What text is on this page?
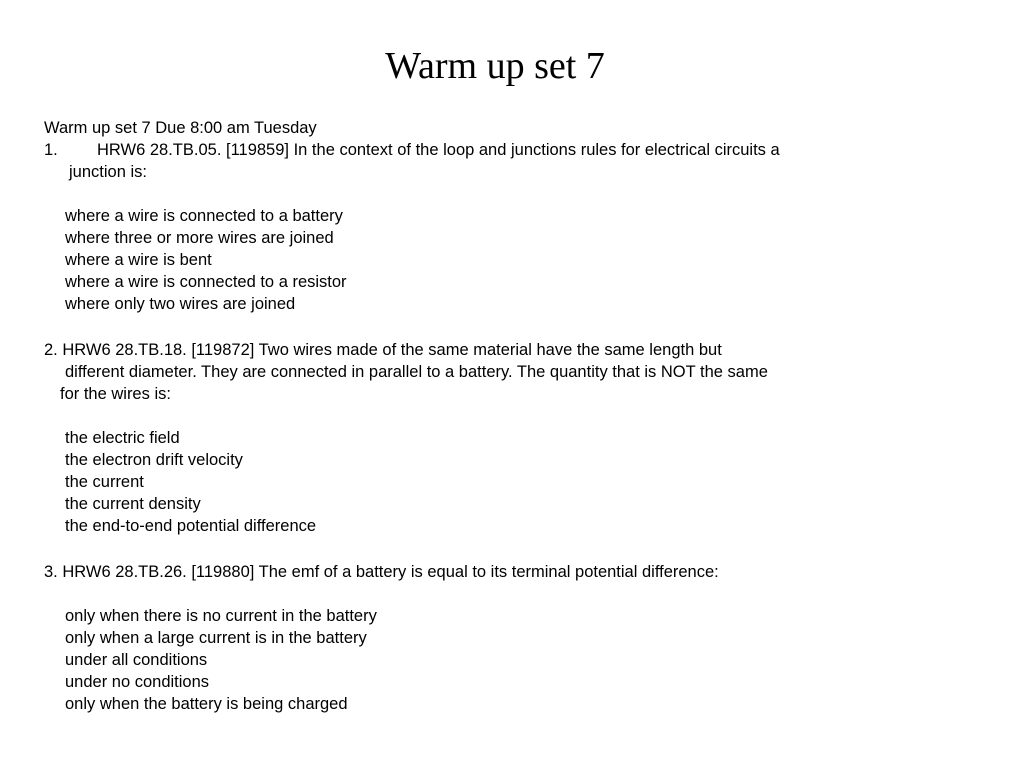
Warm up set 7
Warm up set 7 Due 8:00 am Tuesday
1. HRW6 28.TB.05. [119859] In the context of the loop and junctions rules for electrical circuits a
junction is:
where a wire is connected to a battery
where three or more wires are joined
where a wire is bent
where a wire is connected to a resistor
where only two wires are joined
2. HRW6 28.TB.18. [119872] Two wires made of the same material have the same length but
different diameter. They are connected in parallel to a battery. The quantity that is NOT the same
for the wires is:
the electric field
the electron drift velocity
the current
the current density
the end-to-end potential difference
3. HRW6 28.TB.26. [119880] The emf of a battery is equal to its terminal potential difference:
only when there is no current in the battery
only when a large current is in the battery
under all conditions
under no conditions
only when the battery is being charged
